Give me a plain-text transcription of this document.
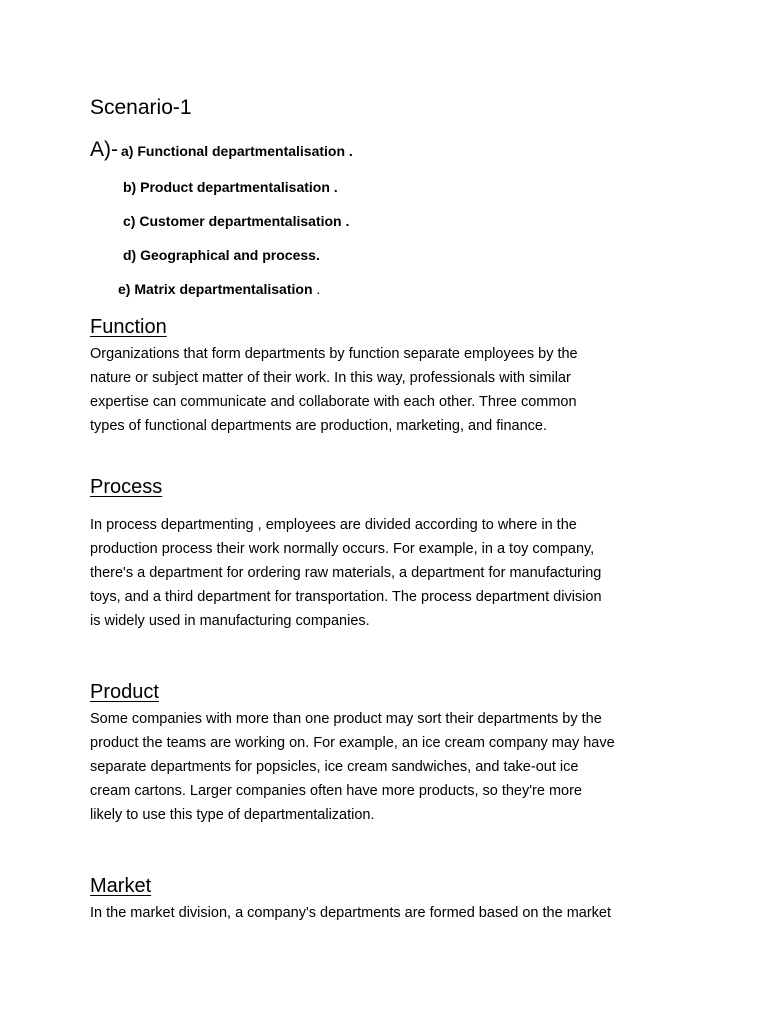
Scenario-1
A)- a) Functional departmentalisation .
b) Product departmentalisation .
c) Customer departmentalisation .
d) Geographical and process.
e) Matrix departmentalisation .
Function
Organizations that form departments by function separate employees by the
nature or subject matter of their work. In this way, professionals with similar
expertise can communicate and collaborate with each other. Three common
types of functional departments are production, marketing, and finance.
Process
In process departmenting , employees are divided according to where in the
production process their work normally occurs. For example, in a toy company,
there's a department for ordering raw materials, a department for manufacturing
toys, and a third department for transportation. The process department division
is widely used in manufacturing companies.
Product
Some companies with more than one product may sort their departments by the
product the teams are working on. For example, an ice cream company may have
separate departments for popsicles, ice cream sandwiches, and take-out ice
cream cartons. Larger companies often have more products, so they're more
likely to use this type of departmentalization.
Market
In the market division, a company's departments are formed based on the market
